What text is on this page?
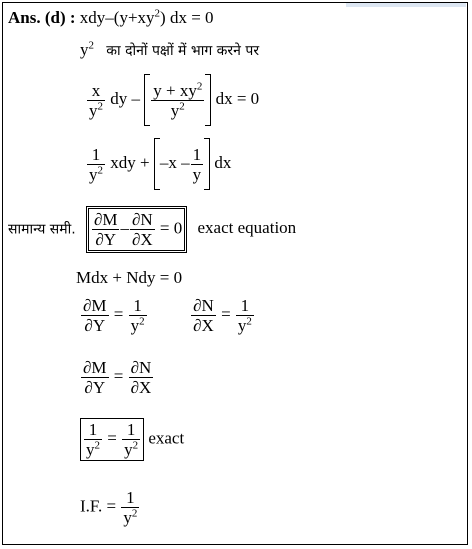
Ans. (d) : xdy–$(y+xy^2)$ dx = 0
$y^2$ का दोनों पक्षों में भाग करने पर
$\frac{x}{y^2}$ dy – $\frac{y + xy^2}{y^2}$ dx = 0
$\frac{1}{y^2}$ xdy + $-x - \frac{1}{y}$ dx
सामान्य समी. $\frac{\partial M}{\partial Y} - \frac{\partial N}{\partial X} = 0$ exact equation
Mdx + Ndy = 0
$\frac{\partial M}{\partial Y} = \frac{1}{y^2}$
	$\frac{\partial N}{\partial X} = \frac{1}{y^2}$
$\frac{\partial M}{\partial Y} = \frac{\partial N}{\partial X}$
$\frac{1}{y^2} = \frac{1}{y^2}$ exact
I.F. = $\frac{1}{y^2}$
